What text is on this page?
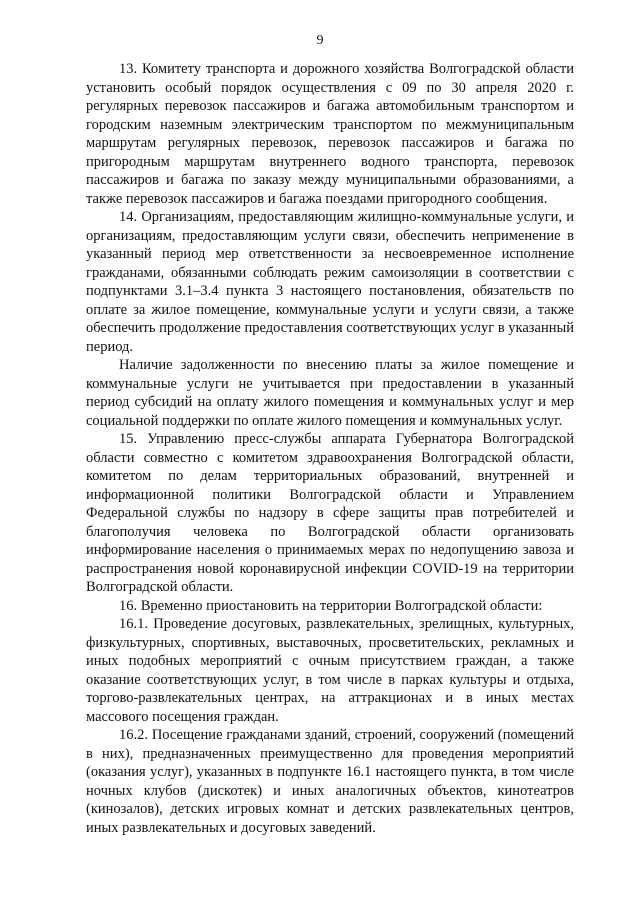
9

13. Комитету транспорта и дорожного хозяйства Волгоградской области установить особый порядок осуществления с 09 по 30 апреля 2020 г. регулярных перевозок пассажиров и багажа автомобильным транспортом и городским наземным электрическим транспортом по межмуниципальным маршрутам регулярных перевозок, перевозок пассажиров и багажа по пригородным маршрутам внутреннего водного транспорта, перевозок пассажиров и багажа по заказу между муниципальными образованиями, а также перевозок пассажиров и багажа поездами пригородного сообщения.

14. Организациям, предоставляющим жилищно-коммунальные услуги, и организациям, предоставляющим услуги связи, обеспечить неприменение в указанный период мер ответственности за несвоевременное исполнение гражданами, обязанными соблюдать режим самоизоляции в соответствии с подпунктами 3.1–3.4 пункта 3 настоящего постановления, обязательств по оплате за жилое помещение, коммунальные услуги и услуги связи, а также обеспечить продолжение предоставления соответствующих услуг в указанный период.

Наличие задолженности по внесению платы за жилое помещение и коммунальные услуги не учитывается при предоставлении в указанный период субсидий на оплату жилого помещения и коммунальных услуг и мер социальной поддержки по оплате жилого помещения и коммунальных услуг.

15. Управлению пресс-службы аппарата Губернатора Волгоградской области совместно с комитетом здравоохранения Волгоградской области, комитетом по делам территориальных образований, внутренней и информационной политики Волгоградской области и Управлением Федеральной службы по надзору в сфере защиты прав потребителей и благополучия человека по Волгоградской области организовать информирование населения о принимаемых мерах по недопущению завоза и распространения новой коронавирусной инфекции COVID-19 на территории Волгоградской области.

16. Временно приостановить на территории Волгоградской области:

16.1. Проведение досуговых, развлекательных, зрелищных, культурных, физкультурных, спортивных, выставочных, просветительских, рекламных и иных подобных мероприятий с очным присутствием граждан, а также оказание соответствующих услуг, в том числе в парках культуры и отдыха, торгово-развлекательных центрах, на аттракционах и в иных местах массового посещения граждан.

16.2. Посещение гражданами зданий, строений, сооружений (помещений в них), предназначенных преимущественно для проведения мероприятий (оказания услуг), указанных в подпункте 16.1 настоящего пункта, в том числе ночных клубов (дискотек) и иных аналогичных объектов, кинотеатров (кинозалов), детских игровых комнат и детских развлекательных центров, иных развлекательных и досуговых заведений.
